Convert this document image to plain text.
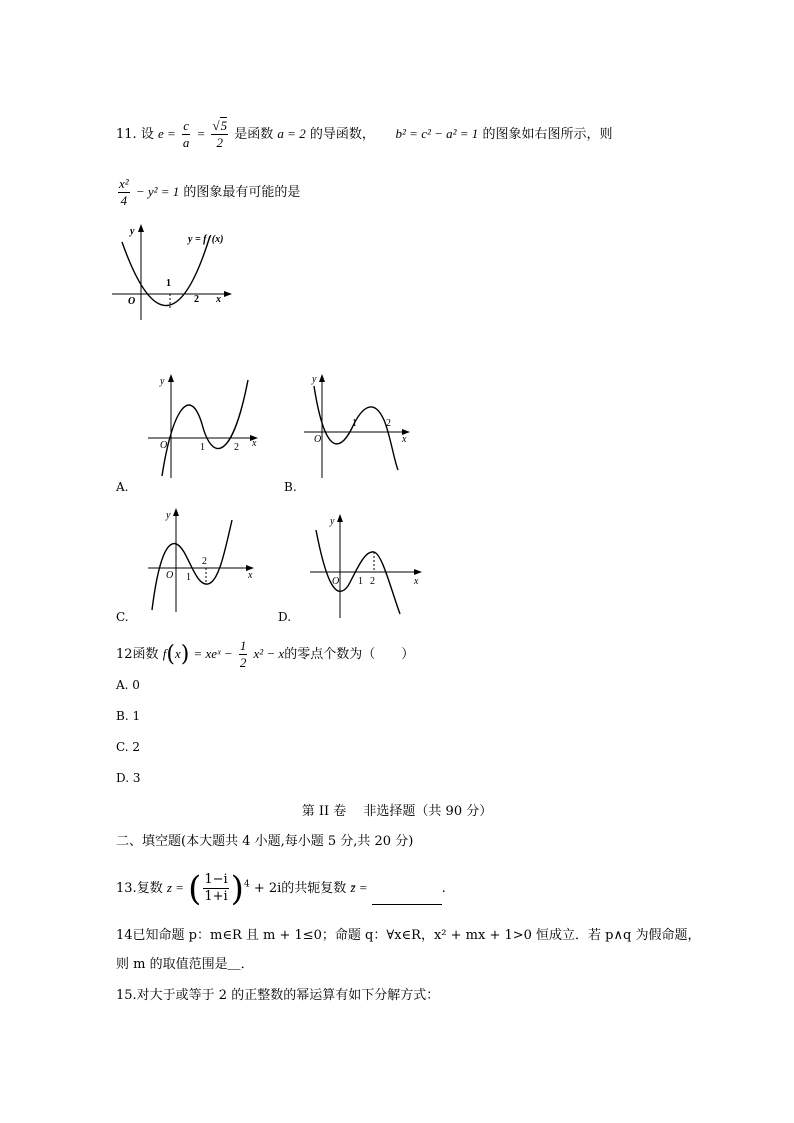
11. 设 $e = \frac{c}{a} = \frac{√5}{2}$ 是函数 a = 2 的导函数， b² = c² − a² = 1 的图象如右图所示，则
$\frac{\text{x²}}{4} - y^2 = 1$ 的图象最有可能的是
y
x
O
1
2
y = f ′(x)
y
x
O	1	2
A.
y
x
O
1	2
B.
y
x
O 1
2
C.
y
x
O 1 2
D.
12函数 f(x) = xeˣ − $\frac{1}{2} x^2 - x$的零点个数为（　　）
A. 0
B. 1
C. 2
D. 3
第 II 卷　 非选择题（共 90 分）
二、填空题(本大题共 4 小题,每小题 5 分,共 20 分)
13.复数 z = ( $\frac{1-i}{1+i} )^4 + 2i$的共轭复数 z̄ =	.
14已知命题 p：m∈R 且 m + 1≤0；命题 q：∀x∈R，x² + mx + 1>0 恒成立．若 p∧q 为假命题，
则 m 的取值范围是＿．
15.对大于或等于 2 的正整数的幂运算有如下分解方式：
